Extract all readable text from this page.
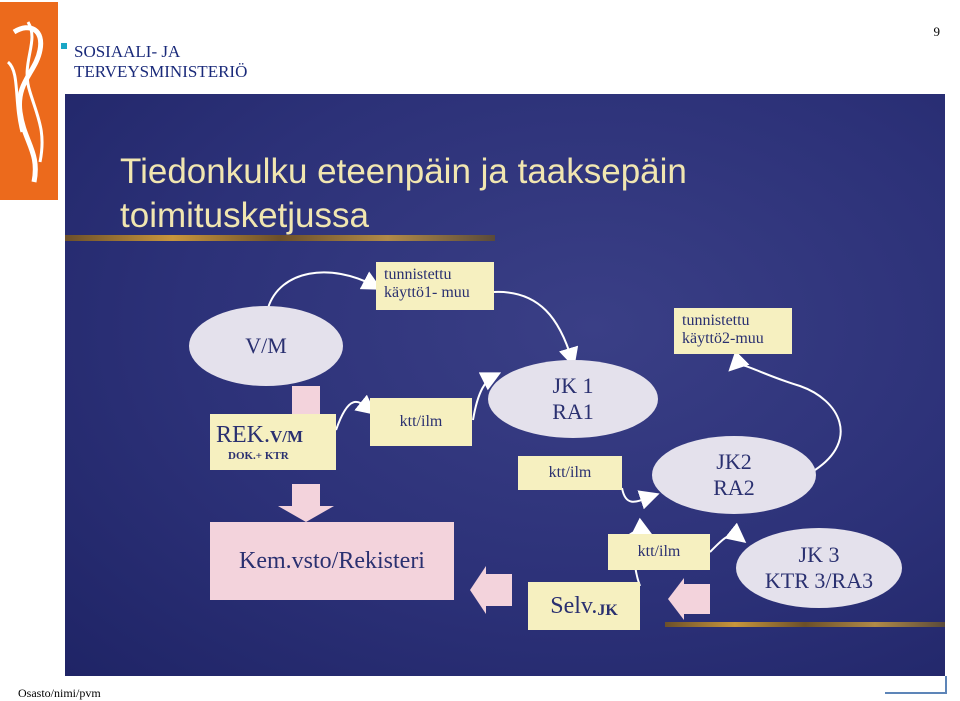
SOSIAALI- JA
TERVEYSMINISTERIÖ
9
Tiedonkulku eteenpäin ja taaksepäin
toimitusketjussa
V/M
REK.V/M
DOK.+ KTR
tunnistettu
käyttö1- muu
ktt/ilm
JK 1
RA1
ktt/ilm
tunnistettu
käyttö2-muu
JK2
RA2
Kem.vsto/Rekisteri
Selv. JK
ktt/ilm	JK 3
KTR 3/RA3
Osasto/nimi/pvm
